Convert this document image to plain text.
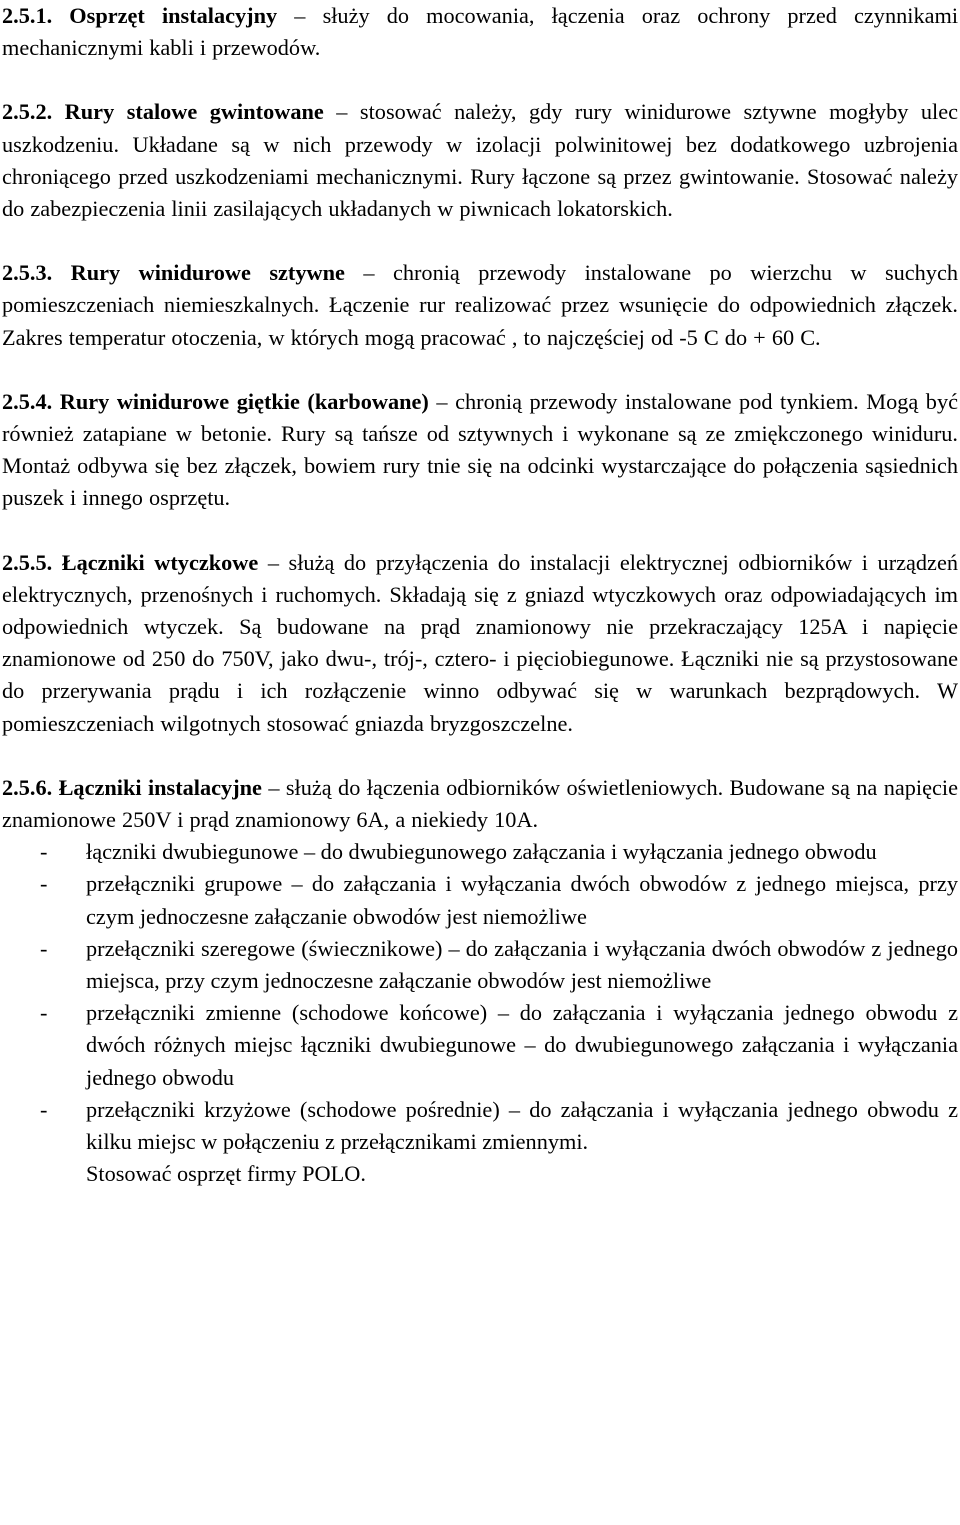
2.5.1. Osprzęt instalacyjny – służy do mocowania, łączenia oraz ochrony przed czynnikami mechanicznymi kabli i przewodów.
2.5.2. Rury stalowe gwintowane – stosować należy, gdy rury winidurowe sztywne mogłyby ulec uszkodzeniu. Układane są w nich przewody w izolacji polwinitowej bez dodatkowego uzbrojenia chroniącego przed uszkodzeniami mechanicznymi. Rury łączone są przez gwintowanie. Stosować należy do zabezpieczenia linii zasilających układanych w piwnicach lokatorskich.
2.5.3. Rury winidurowe sztywne – chronią przewody instalowane po wierzchu w suchych pomieszczeniach niemieszkalnych. Łączenie rur realizować przez wsunięcie do odpowiednich złączek. Zakres temperatur otoczenia, w których mogą pracować , to najczęściej od -5 C do + 60 C.
2.5.4. Rury winidurowe giętkie (karbowane) – chronią przewody instalowane pod tynkiem. Mogą być również zatapiane w betonie. Rury są tańsze od sztywnych i wykonane są ze zmiękczonego winiduru. Montaż odbywa się bez złączek, bowiem rury tnie się na odcinki wystarczające do połączenia sąsiednich puszek i innego osprzętu.
2.5.5. Łączniki wtyczkowe – służą do przyłączenia do instalacji elektrycznej odbiorników i urządzeń elektrycznych, przenośnych i ruchomych. Składają się z gniazd wtyczkowych oraz odpowiadających im odpowiednich wtyczek. Są budowane na prąd znamionowy nie przekraczający 125A i napięcie znamionowe od 250 do 750V, jako dwu-, trój-, cztero- i pięciobiegunowe. Łączniki nie są przystosowane do przerywania prądu i ich rozłączenie winno odbywać się w warunkach bezprądowych. W pomieszczeniach wilgotnych stosować gniazda bryzgoszczelne.
2.5.6. Łączniki instalacyjne – służą do łączenia odbiorników oświetleniowych. Budowane są na napięcie znamionowe 250V i prąd znamionowy 6A, a niekiedy 10A.
- łączniki dwubiegunowe – do dwubiegunowego załączania i wyłączania jednego obwodu
- przełączniki grupowe – do załączania i wyłączania dwóch obwodów z jednego miejsca, przy czym jednoczesne załączanie obwodów jest niemożliwe
- przełączniki szeregowe (świecznikowe) – do załączania i wyłączania dwóch obwodów z jednego miejsca, przy czym jednoczesne załączanie obwodów jest niemożliwe
- przełączniki zmienne (schodowe końcowe) – do załączania i wyłączania jednego obwodu z dwóch różnych miejsc łączniki dwubiegunowe – do dwubiegunowego załączania i wyłączania jednego obwodu
- przełączniki krzyżowe (schodowe pośrednie) – do załączania i wyłączania jednego obwodu z kilku miejsc w połączeniu z przełącznikami zmiennymi.
Stosować osprzęt firmy POLO.
